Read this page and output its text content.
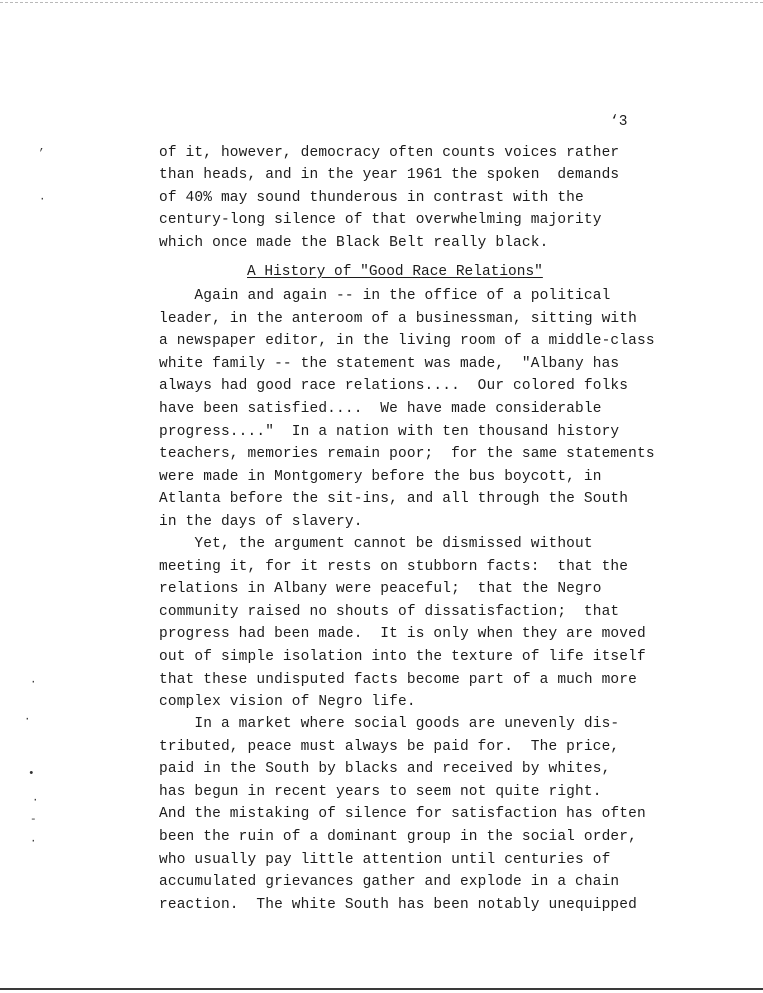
‘3
of it, however, democracy often counts voices rather
than heads, and in the year 1961 the spoken  demands
of 40% may sound thunderous in contrast with the
century-long silence of that overwhelming majority
which once made the Black Belt really black.
A History of "Good Race Relations"
Again and again -- in the office of a political
leader, in the anteroom of a businessman, sitting with
a newspaper editor, in the living room of a middle-class
white family -- the statement was made,  "Albany has
always had good race relations....  Our colored folks
have been satisfied....  We have made considerable
progress...."  In a nation with ten thousand history
teachers, memories remain poor;  for the same statements
were made in Montgomery before the bus boycott, in
Atlanta before the sit-ins, and all through the South
in the days of slavery.
Yet, the argument cannot be dismissed without
meeting it, for it rests on stubborn facts:  that the
relations in Albany were peaceful;  that the Negro
community raised no shouts of dissatisfaction;  that
progress had been made.  It is only when they are moved
out of simple isolation into the texture of life itself
that these undisputed facts become part of a much more
complex vision of Negro life.
In a market where social goods are unevenly dis-
tributed, peace must always be paid for.  The price,
paid in the South by blacks and received by whites,
has begun in recent years to seem not quite right.
And the mistaking of silence for satisfaction has often
been the ruin of a dominant group in the social order,
who usually pay little attention until centuries of
accumulated grievances gather and explode in a chain
reaction.  The white South has been notably unequipped
’
·
·
·
•
·
-
·
